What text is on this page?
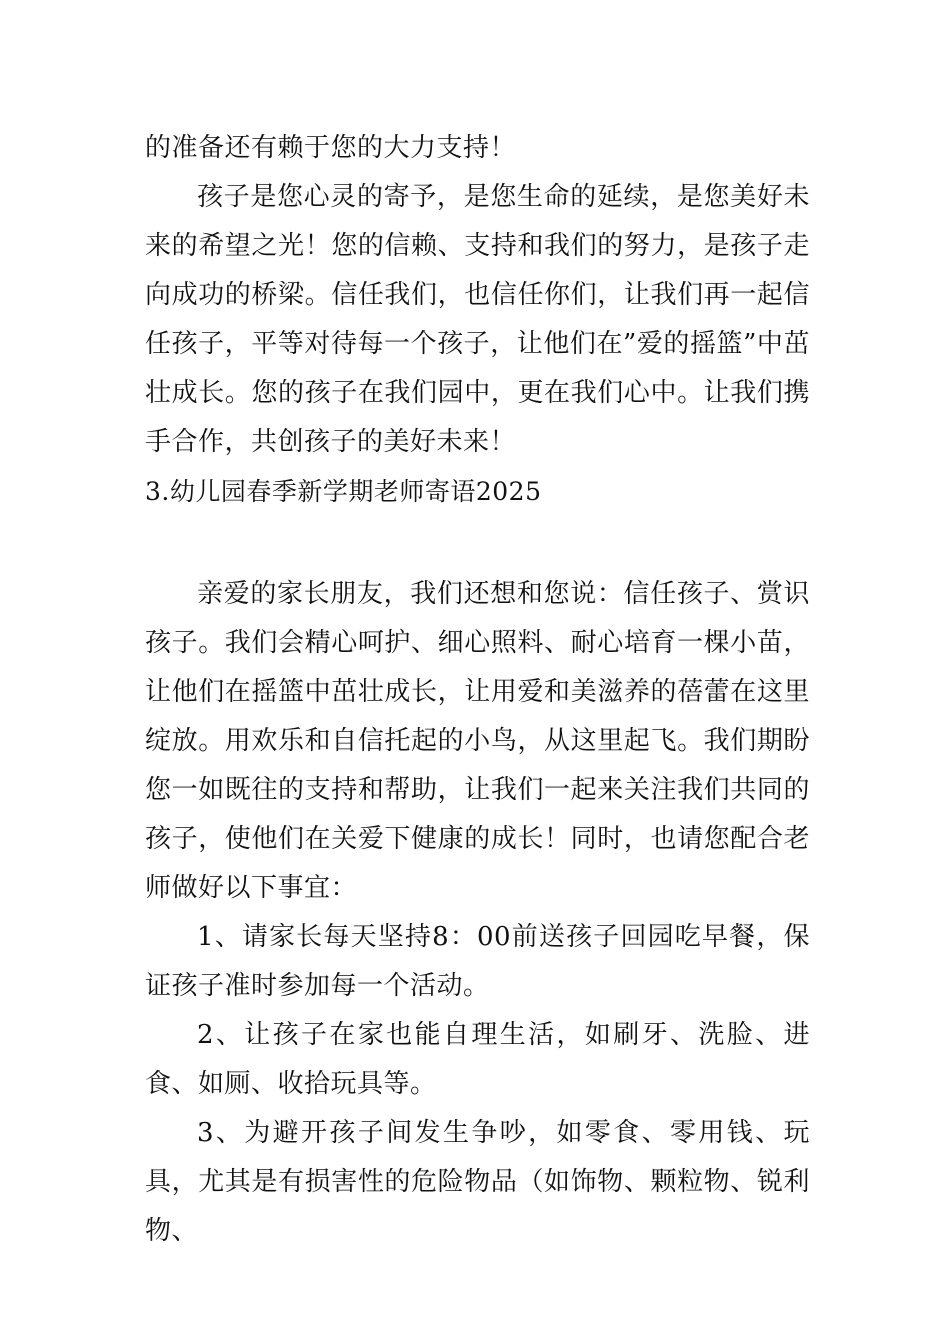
的准备还有赖于您的大力支持！

孩子是您心灵的寄予，是您生命的延续，是您美好未来的希望之光！您的信赖、支持和我们的努力，是孩子走向成功的桥梁。信任我们，也信任你们，让我们再一起信任孩子，平等对待每一个孩子，让他们在”爱的摇篮”中茁壮成长。您的孩子在我们园中，更在我们心中。让我们携手合作，共创孩子的美好未来！

3.幼儿园春季新学期老师寄语2025

亲爱的家长朋友，我们还想和您说：信任孩子、赏识孩子。我们会精心呵护、细心照料、耐心培育一棵小苗，让他们在摇篮中茁壮成长，让用爱和美滋养的蓓蕾在这里绽放。用欢乐和自信托起的小鸟，从这里起飞。我们期盼您一如既往的支持和帮助，让我们一起来关注我们共同的孩子，使他们在关爱下健康的成长！同时，也请您配合老师做好以下事宜：

1、请家长每天坚持8：00前送孩子回园吃早餐，保证孩子准时参加每一个活动。

2、让孩子在家也能自理生活，如刷牙、洗脸、进食、如厕、收拾玩具等。

3、为避开孩子间发生争吵，如零食、零用钱、玩具，尤其是有损害性的危险物品（如饰物、颗粒物、锐利物、
